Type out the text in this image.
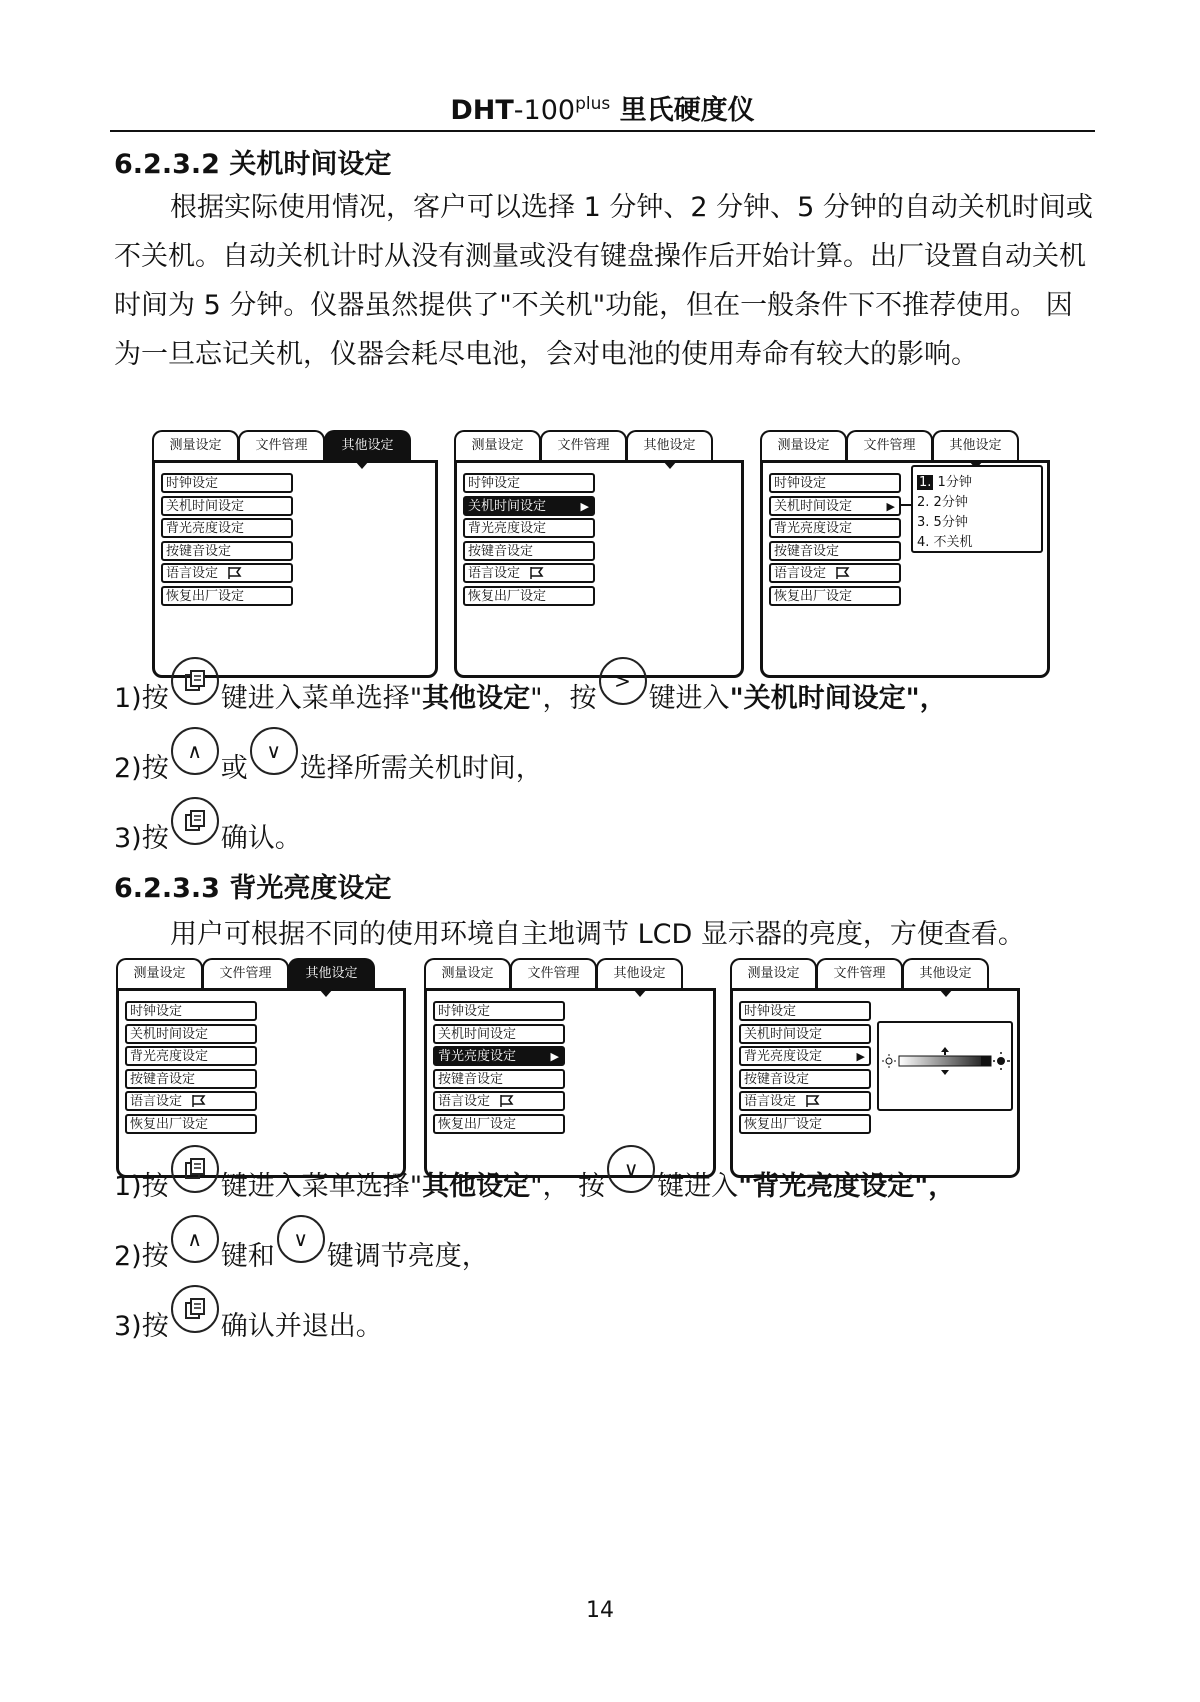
DHT-$100^{plus}$ 里氏硬度仪
6.2.3.2 关机时间设定
根据实际使用情况，客户可以选择 1 分钟、2 分钟、5 分钟的自动关机时间或不关机。自动关机计时从没有测量或没有键盘操作后开始计算。出厂设置自动关机时间为 5 分钟。仪器虽然提供了"不关机"功能，但在一般条件下不推荐使用。 因为一旦忘记关机，仪器会耗尽电池，会对电池的使用寿命有较大的影响。
测量设定	文件管理	其他设定
时钟设定
关机时间设定
背光亮度设定
按键音设定
语言设定
恢复出厂设定
测量设定	文件管理	其他设定
时钟设定
关机时间设定	▶
背光亮度设定
按键音设定
语言设定
恢复出厂设定
测量设定	文件管理	其他设定
时钟设定
关机时间设定	▶
背光亮度设定
按键音设定
语言设定
恢复出厂设定
1. 1分钟
2. 2分钟
3. 5分钟
4. 不关机
1)按 键进入菜单选择" 其他设定 "，按
>
键进入 "关机时间设定"，
2)按
∧
或
∨
选择所需关机时间，
3)按 确认。
6.2.3.3 背光亮度设定
用户可根据不同的使用环境自主地调节 LCD 显示器的亮度，方便查看。
测量设定	文件管理	其他设定
时钟设定
关机时间设定
背光亮度设定
按键音设定
语言设定
恢复出厂设定
测量设定	文件管理	其他设定
时钟设定
关机时间设定
背光亮度设定	▶
按键音设定
语言设定
恢复出厂设定
测量设定	文件管理	其他设定
时钟设定
关机时间设定
背光亮度设定	▶
按键音设定
语言设定
恢复出厂设定
1)按 键进入菜单选择" 其他设定 "， 按
∨
键进入 "背光亮度设定"，
2)按
∧
键和
∨
键调节亮度，
3)按 确认并退出。
14
